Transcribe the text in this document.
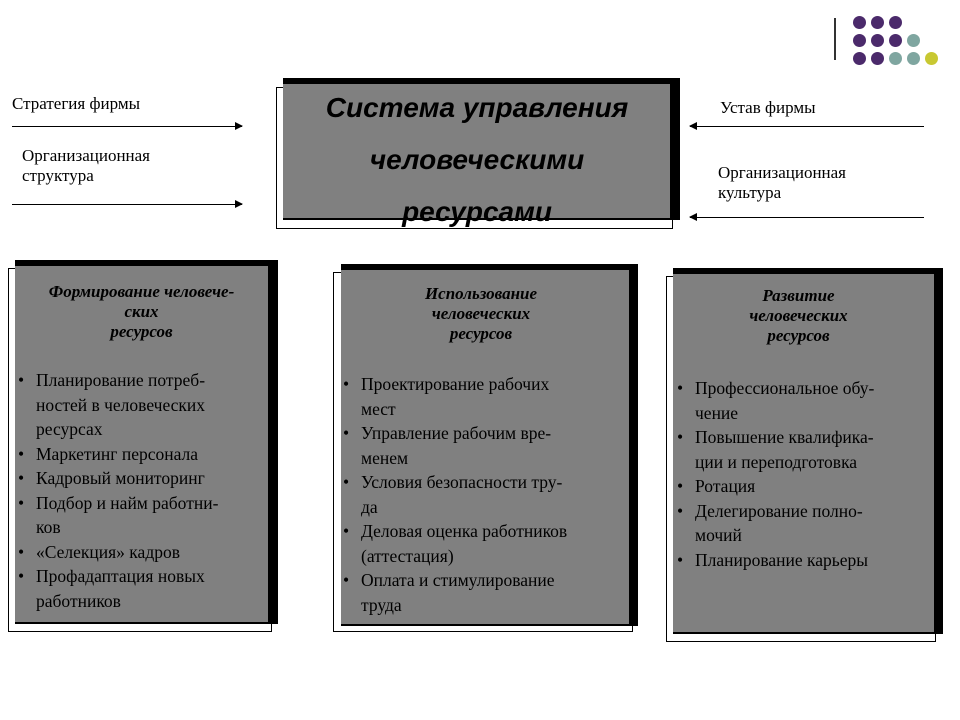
Стратегия фирмы
Организационная
структура
Устав фирмы
Организационная
культура
Система управления
человеческими
ресурсами
Формирование человече-
ских
ресурсов
• Планирование потреб-
ностей в человеческих
ресурсах
• Маркетинг персонала
• Кадровый мониторинг
• Подбор и найм работни-
ков
• «Селекция» кадров
• Профадаптация новых
работников
Использование
человеческих
ресурсов
• Проектирование рабочих
мест
• Управление рабочим вре-
менем
• Условия безопасности тру-
да
• Деловая оценка работников
(аттестация)
• Оплата и стимулирование
труда
Развитие
человеческих
ресурсов
• Профессиональное обу-
чение
• Повышение квалифика-
ции и переподготовка
• Ротация
• Делегирование полно-
мочий
• Планирование карьеры
